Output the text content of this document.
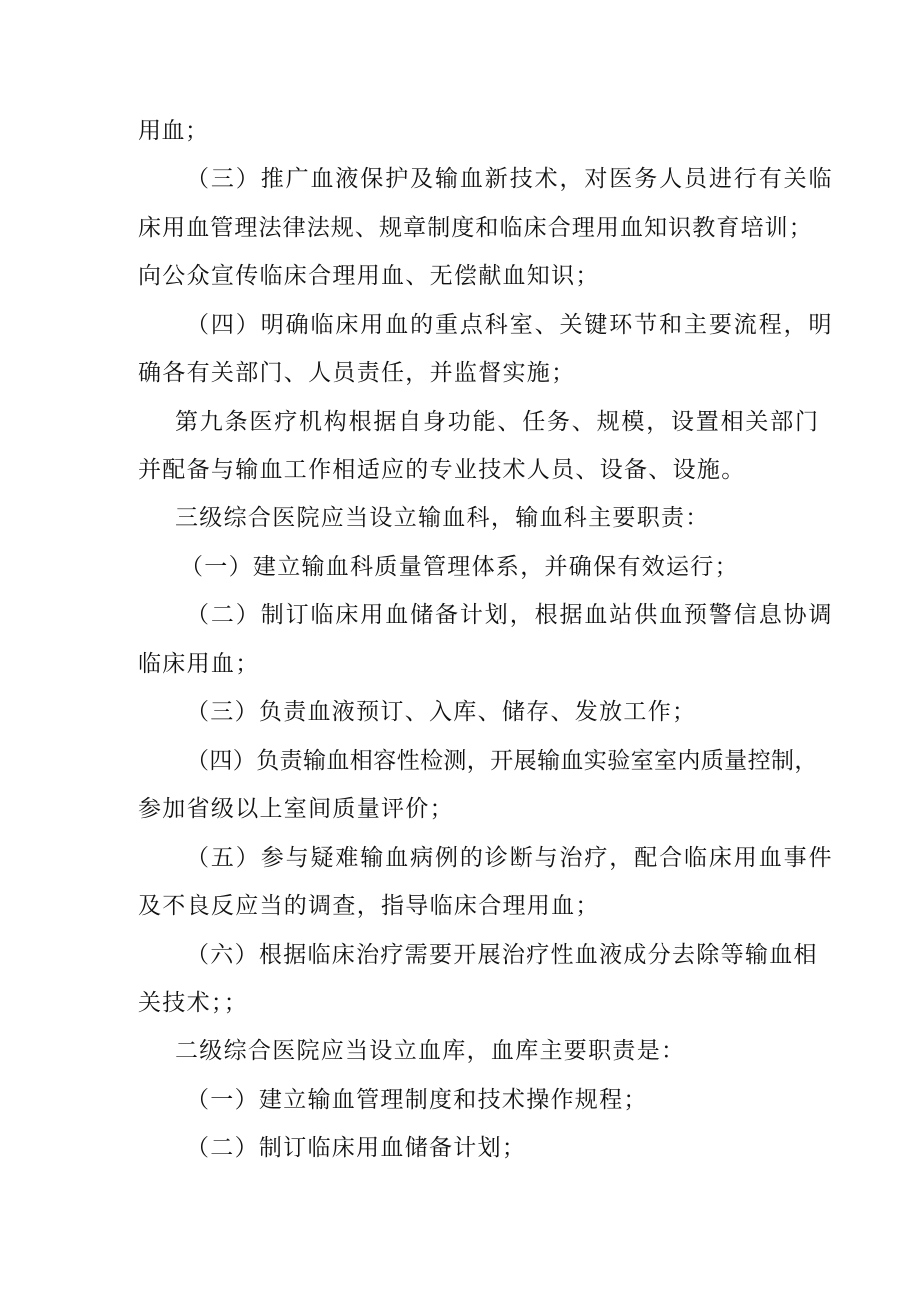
用血；
（三）推广血液保护及输血新技术，对医务人员进行有关临
床用血管理法律法规、规章制度和临床合理用血知识教育培训；
向公众宣传临床合理用血、无偿献血知识；
（四）明确临床用血的重点科室、关键环节和主要流程，明
确各有关部门、人员责任，并监督实施；
第九条医疗机构根据自身功能、任务、规模，设置相关部门
并配备与输血工作相适应的专业技术人员、设备、设施。
三级综合医院应当设立输血科，输血科主要职责：
（一）建立输血科质量管理体系，并确保有效运行；
（二）制订临床用血储备计划，根据血站供血预警信息协调
临床用血；
（三）负责血液预订、入库、储存、发放工作；
（四）负责输血相容性检测，开展输血实验室室内质量控制，
参加省级以上室间质量评价；
（五）参与疑难输血病例的诊断与治疗，配合临床用血事件
及不良反应当的调查，指导临床合理用血；
（六）根据临床治疗需要开展治疗性血液成分去除等输血相
关技术；；
二级综合医院应当设立血库，血库主要职责是：
（一）建立输血管理制度和技术操作规程；
（二）制订临床用血储备计划；
